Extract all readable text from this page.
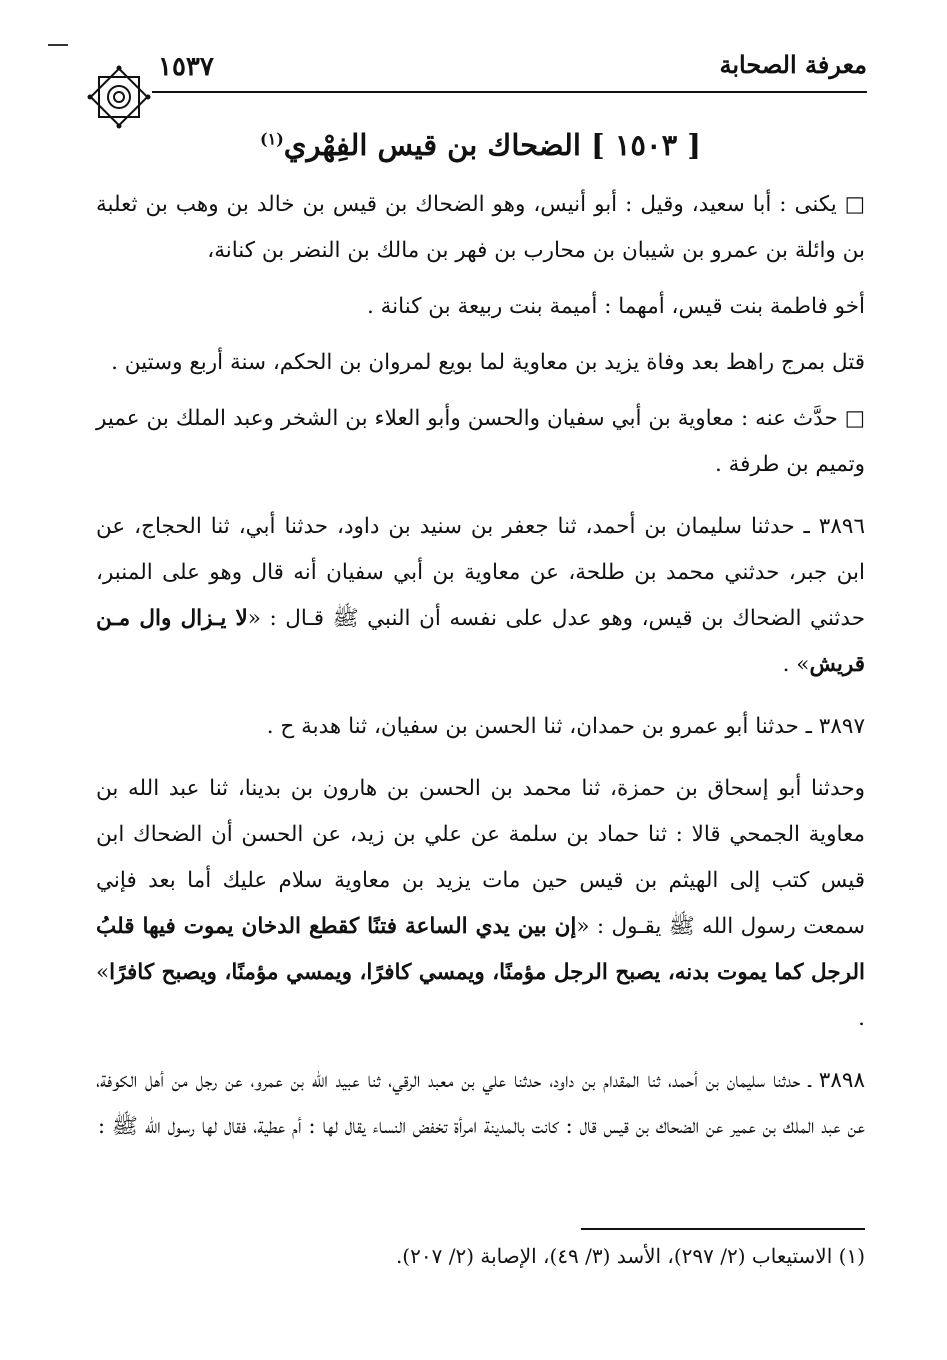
معرفة الصحابة
١٥٣٧
[ ١٥٠٣ ] الضحاك بن قيس الفِهْري$^{(١)}$

□ يكنى : أبا سعيد، وقيل : أبو أنيس، وهو الضحاك بن قيس بن خالد بن وهب بن ثعلبة بن وائلة بن عمرو بن شيبان بن محارب بن فهر بن مالك بن النضر بن كنانة،

أخو فاطمة بنت قيس، أمهما : أميمة بنت ربيعة بن كنانة .

قتل بمرج راهط بعد وفاة يزيد بن معاوية لما بويع لمروان بن الحكم، سنة أربع وستين .

□ حدَّث عنه : معاوية بن أبي سفيان والحسن وأبو العلاء بن الشخر وعبد الملك بن عمير وتميم بن طرفة .

٣٨٩٦ ـ حدثنا سليمان بن أحمد، ثنا جعفر بن سنيد بن داود، حدثنا أبي، ثنا الحجاج، عن ابن جبر، حدثني محمد بن طلحة، عن معاوية بن أبي سفيان أنه قال وهو على المنبر، حدثني الضحاك بن قيس، وهو عدل على نفسه أن النبي ﷺ قـال : «لا يـزال وال مـن قريش» .

٣٨٩٧ ـ حدثنا أبو عمرو بن حمدان، ثنا الحسن بن سفيان، ثنا هدبة ح .

وحدثنا أبو إسحاق بن حمزة، ثنا محمد بن الحسن بن هارون بن بدينا، ثنا عبد الله بن معاوية الجمحي قالا : ثنا حماد بن سلمة عن علي بن زيد، عن الحسن أن الضحاك ابن قيس كتب إلى الهيثم بن قيس حين مات يزيد بن معاوية سلام عليك أما بعد فإني سمعت رسول الله ﷺ يقـول : «إن بين يدي الساعة فتنًا كقطع الدخان يموت فيها قلبُ الرجل كما يموت بدنه، يصبح الرجل مؤمنًا، ويمسي كافرًا، ويمسي مؤمنًا، ويصبح كافرًا» .

٣٨٩٨ ـ حدثنا سليمان بن أحمد، ثنا المقدام بن داود، حدثنا علي بن معبد الرقي، ثنا عبيد الله بن عمرو، عن رجل من أهل الكوفة، عن عبد الملك بن عمير عن الضحاك بن قيس قال : كانت بالمدينة امرأة تخفض النساء يقال لها : أم عطية، فقال لها رسول الله ﷺ :

(١) الاستيعاب (٢/ ٢٩٧)، الأسد (٣/ ٤٩)، الإصابة (٢/ ٢٠٧).
